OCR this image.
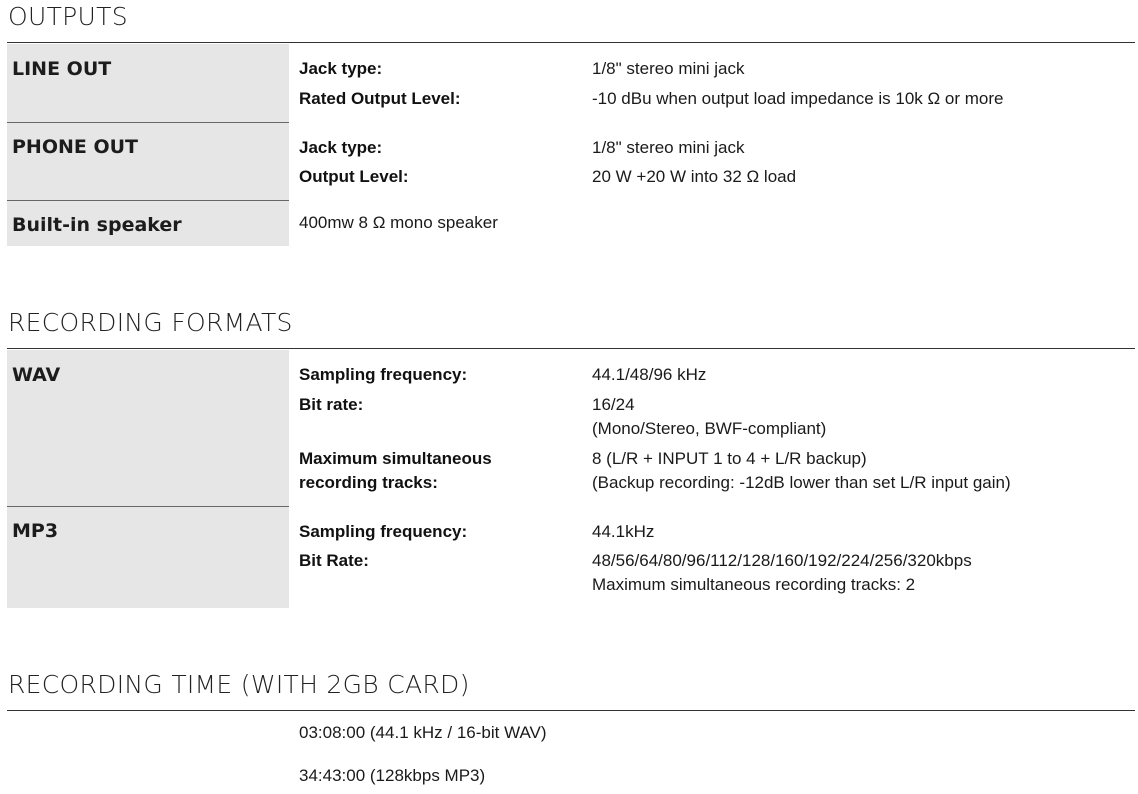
OUTPUTS
LINE OUT	Jack type:	1/8" stereo mini jack
Rated Output Level:	-10 dBu when output load impedance is 10k Ω or more
PHONE OUT	Jack type:	1/8" stereo mini jack
Output Level:	20 W +20 W into 32 Ω load
Built-in speaker	400mw 8 Ω mono speaker
RECORDING FORMATS
WAV	Sampling frequency:	44.1/48/96 kHz
Bit rate:	16/24
(Mono/Stereo, BWF-compliant)
Maximum simultaneous
recording tracks:
8 (L/R + INPUT 1 to 4 + L/R backup)
(Backup recording: -12dB lower than set L/R input gain)
MP3	Sampling frequency:	44.1kHz
Bit Rate:	48/56/64/80/96/112/128/160/192/224/256/320kbps
Maximum simultaneous recording tracks: 2
RECORDING TIME (WITH 2GB CARD)
03:08:00 (44.1 kHz / 16-bit WAV)
34:43:00 (128kbps MP3)
